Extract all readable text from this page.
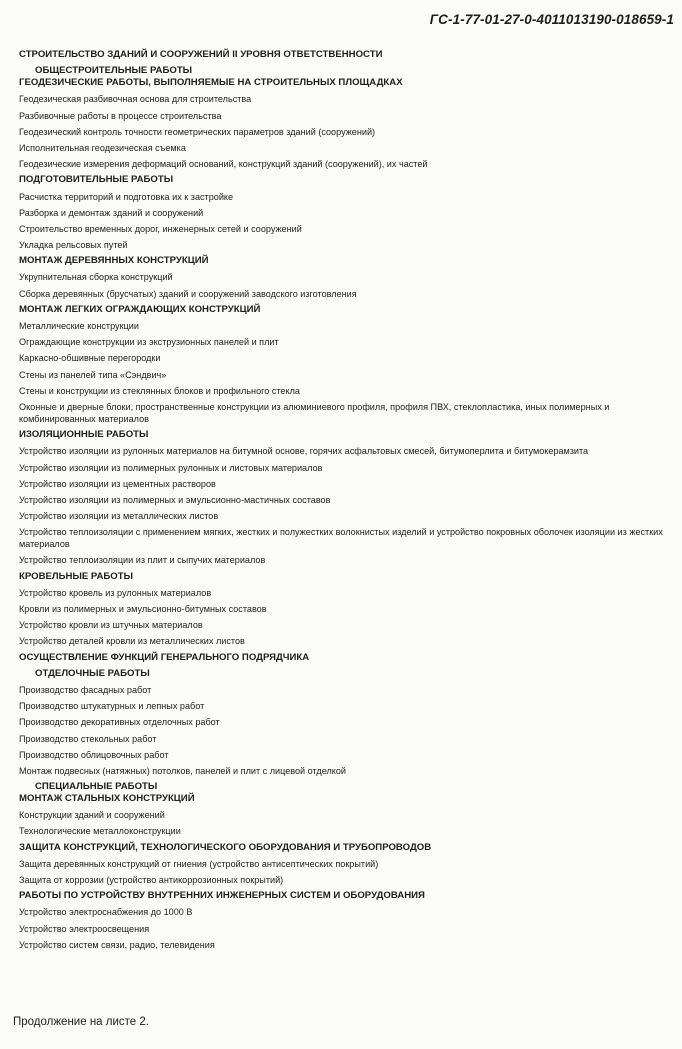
ГС-1-77-01-27-0-4011013190-018659-1
СТРОИТЕЛЬСТВО ЗДАНИЙ И СООРУЖЕНИЙ II УРОВНЯ ОТВЕТСТВЕННОСТИ
ОБЩЕСТРОИТЕЛЬНЫЕ РАБОТЫ
ГЕОДЕЗИЧЕСКИЕ РАБОТЫ, ВЫПОЛНЯЕМЫЕ НА СТРОИТЕЛЬНЫХ ПЛОЩАДКАХ
Геодезическая разбивочная основа для строительства
Разбивочные работы в процессе строительства
Геодезический контроль точности геометрических параметров зданий (сооружений)
Исполнительная геодезическая съемка
Геодезические измерения деформаций оснований, конструкций зданий (сооружений), их частей
ПОДГОТОВИТЕЛЬНЫЕ РАБОТЫ
Расчистка территорий и подготовка их к застройке
Разборка и демонтаж зданий и сооружений
Строительство временных дорог, инженерных сетей и сооружений
Укладка рельсовых путей
МОНТАЖ ДЕРЕВЯННЫХ КОНСТРУКЦИЙ
Укрупнительная сборка конструкций
Сборка деревянных (брусчатых) зданий и сооружений заводского изготовления
МОНТАЖ ЛЕГКИХ ОГРАЖДАЮЩИХ КОНСТРУКЦИЙ
Металлические конструкции
Ограждающие конструкции из экструзионных панелей и плит
Каркасно-обшивные перегородки
Стены из панелей типа «Сэндвич»
Стены и конструкции из стеклянных блоков и профильного стекла
Оконные и дверные блоки, пространственные конструкции из алюминиевого профиля, профиля ПВХ, стеклопластика, иных полимерных и комбинированных материалов
ИЗОЛЯЦИОННЫЕ РАБОТЫ
Устройство изоляции из рулонных материалов на битумной основе, горячих асфальтовых смесей, битумоперлита и битумокерамзита
Устройство изоляции из полимерных рулонных и листовых материалов
Устройство изоляции из цементных растворов
Устройство изоляции из полимерных и эмульсионно-мастичных составов
Устройство изоляции из металлических листов
Устройство теплоизоляции с применением мягких, жестких и полужестких волокнистых изделий и устройство покровных оболочек изоляции из жестких материалов
Устройство теплоизоляции из плит и сыпучих материалов
КРОВЕЛЬНЫЕ РАБОТЫ
Устройство кровель из рулонных материалов
Кровли из полимерных и эмульсионно-битумных составов
Устройство кровли из штучных материалов
Устройство деталей кровли из металлических листов
ОСУЩЕСТВЛЕНИЕ ФУНКЦИЙ ГЕНЕРАЛЬНОГО ПОДРЯДЧИКА
ОТДЕЛОЧНЫЕ РАБОТЫ
Производство фасадных работ
Производство штукатурных и лепных работ
Производство декоративных отделочных работ
Производство стекольных работ
Производство облицовочных работ
Монтаж подвесных (натяжных) потолков, панелей и плит с лицевой отделкой
СПЕЦИАЛЬНЫЕ РАБОТЫ
МОНТАЖ СТАЛЬНЫХ КОНСТРУКЦИЙ
Конструкции зданий и сооружений
Технологические металлоконструкции
ЗАЩИТА КОНСТРУКЦИЙ, ТЕХНОЛОГИЧЕСКОГО ОБОРУДОВАНИЯ И ТРУБОПРОВОДОВ
Защита деревянных конструкций от гниения (устройство антисептических покрытий)
Защита от коррозии (устройство антикоррозионных покрытий)
РАБОТЫ ПО УСТРОЙСТВУ ВНУТРЕННИХ ИНЖЕНЕРНЫХ СИСТЕМ И ОБОРУДОВАНИЯ
Устройство электроснабжения до 1000 В
Устройство электроосвещения
Устройство систем связи, радио, телевидения
Продолжение на листе 2.
